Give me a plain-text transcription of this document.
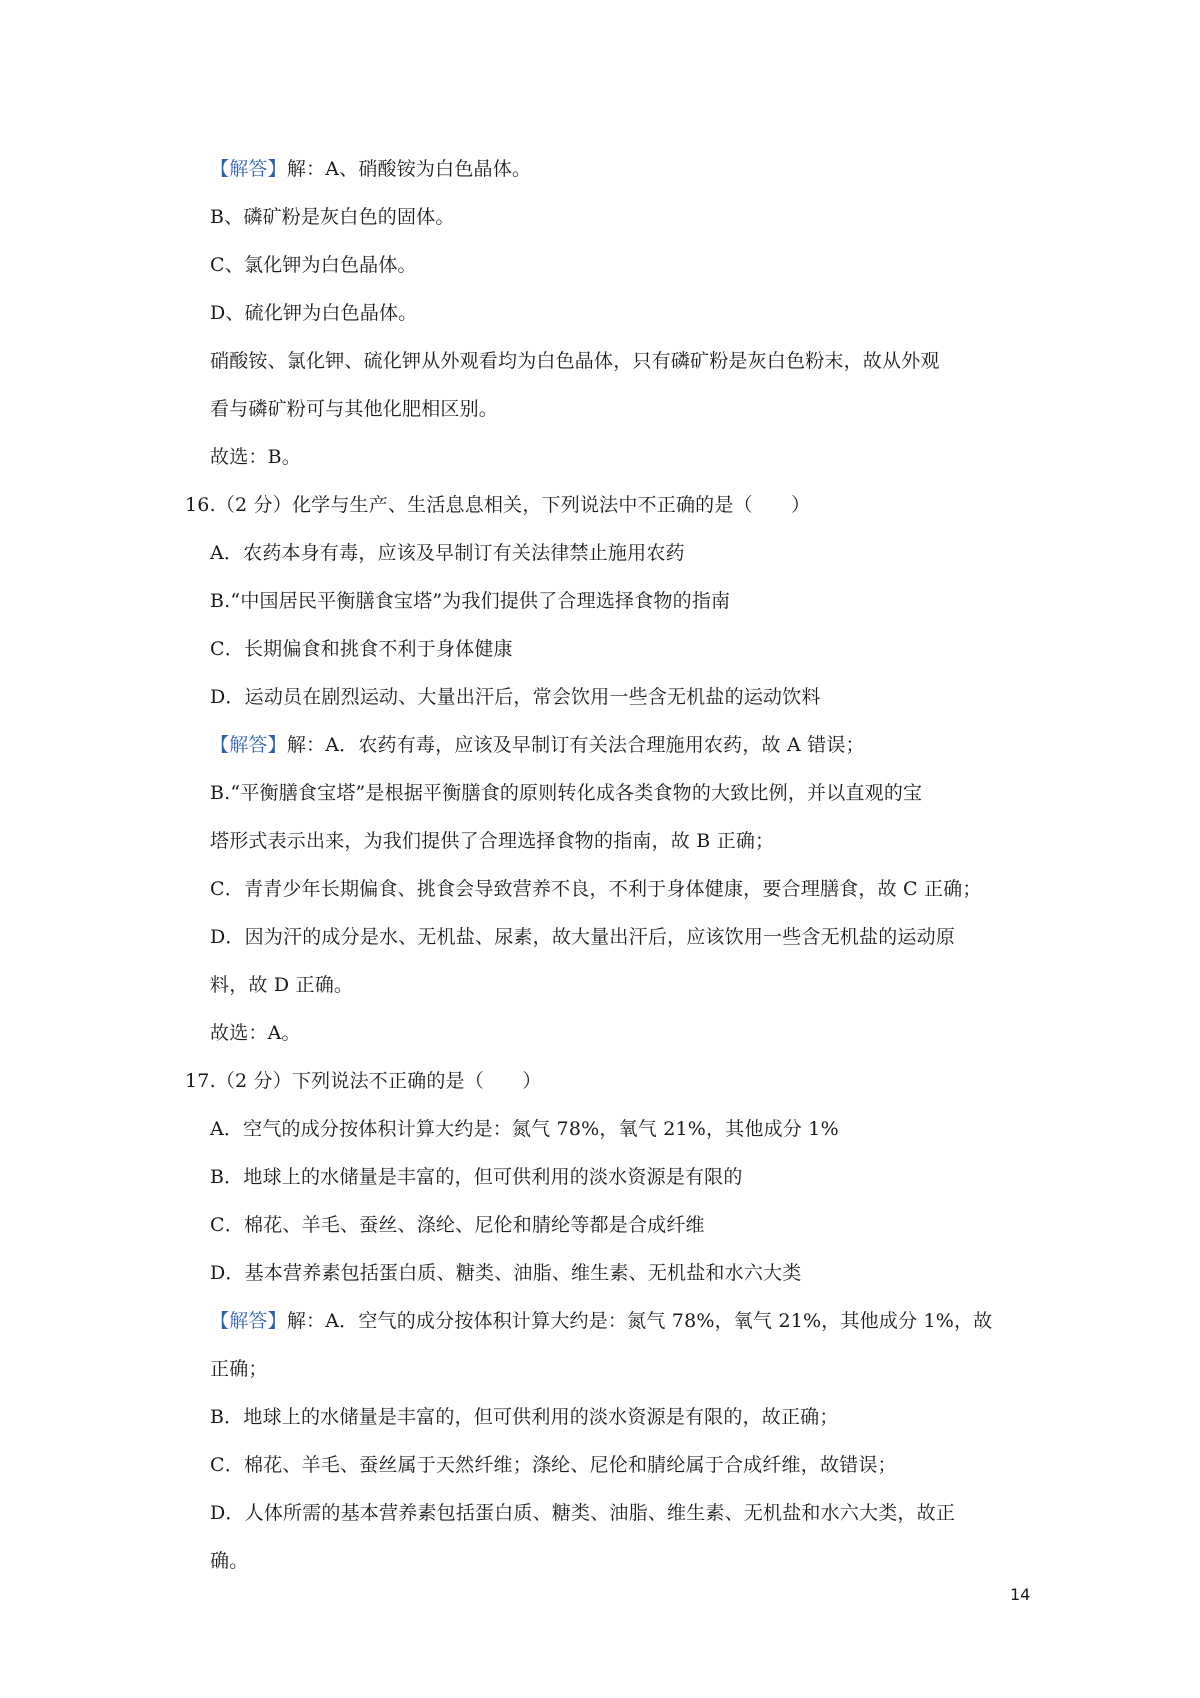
【解答】解：A、硝酸铵为白色晶体。
B、磷矿粉是灰白色的固体。
C、氯化钾为白色晶体。
D、硫化钾为白色晶体。
硝酸铵、氯化钾、硫化钾从外观看均为白色晶体，只有磷矿粉是灰白色粉末，故从外观
看与磷矿粉可与其他化肥相区别。
故选：B。
16.（2 分）化学与生产、生活息息相关，下列说法中不正确的是（　　）
A．农药本身有毒，应该及早制订有关法律禁止施用农药
B.“中国居民平衡膳食宝塔”为我们提供了合理选择食物的指南
C．长期偏食和挑食不利于身体健康
D．运动员在剧烈运动、大量出汗后，常会饮用一些含无机盐的运动饮料
【解答】解：A．农药有毒，应该及早制订有关法合理施用农药，故 A 错误；
B.“平衡膳食宝塔”是根据平衡膳食的原则转化成各类食物的大致比例，并以直观的宝
塔形式表示出来，为我们提供了合理选择食物的指南，故 B 正确；
C．青青少年长期偏食、挑食会导致营养不良，不利于身体健康，要合理膳食，故 C 正确；
D．因为汗的成分是水、无机盐、尿素，故大量出汗后，应该饮用一些含无机盐的运动原
料，故 D 正确。
故选：A。
17.（2 分）下列说法不正确的是（　　）
A．空气的成分按体积计算大约是：氮气 78%，氧气 21%，其他成分 1%
B．地球上的水储量是丰富的，但可供利用的淡水资源是有限的
C．棉花、羊毛、蚕丝、涤纶、尼伦和腈纶等都是合成纤维
D．基本营养素包括蛋白质、糖类、油脂、维生素、无机盐和水六大类
【解答】解：A．空气的成分按体积计算大约是：氮气 78%，氧气 21%，其他成分 1%，故
正确；
B．地球上的水储量是丰富的，但可供利用的淡水资源是有限的，故正确；
C．棉花、羊毛、蚕丝属于天然纤维；涤纶、尼伦和腈纶属于合成纤维，故错误；
D．人体所需的基本营养素包括蛋白质、糖类、油脂、维生素、无机盐和水六大类，故正
确。
14
